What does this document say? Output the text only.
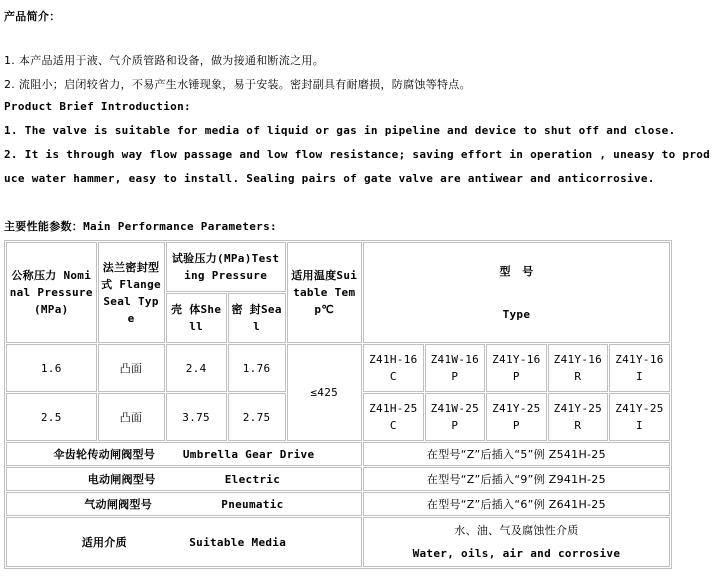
产品简介：
1. 本产品适用于液、气介质管路和设备，做为接通和断流之用。
2. 流阻小；启闭较省力，不易产生水锤现象，易于安装。密封副具有耐磨损，防腐蚀等特点。
Product Brief Introduction:
1. The valve is suitable for media of liquid or gas in pipeline and device to shut off and close.
2. It is through way flow passage and low flow resistance; saving effort in operation , uneasy to prod
uce water hammer, easy to install. Sealing pairs of gate valve are antiwear and anticorrosive.
主要性能参数：Main Performance Parameters:
公称压力 Nominal Pressure (MPa)	法兰密封型式 Flange Seal Type	试验压力(MPa)Testing Pressure		适用温度Suitable Temp℃	型　号
Type				

		壳 体Shell	密 封Seal						
1.6	凸面	2.4	1.76	≤425	Z41H-16C	Z41W-16P	Z41Y-16P	Z41Y-16R	Z41Y-16I
2.5	凸面	3.75	2.75		Z41H-25C	Z41W-25P	Z41Y-25P	Z41Y-25R	Z41Y-25I
伞齿轮传动闸阀型号 Umbrella Gear Drive					在型号“Z”后插入“5”例 Z541H-25				
电动闸阀型号 Electric					在型号“Z”后插入“9”例 Z941H-25				
气动闸阀型号 Pneumatic					在型号“Z”后插入“6”例 Z641H-25				
适用介质 Suitable Media					水、油、气及腐蚀性介质
Water, oils, air and corrosive				
